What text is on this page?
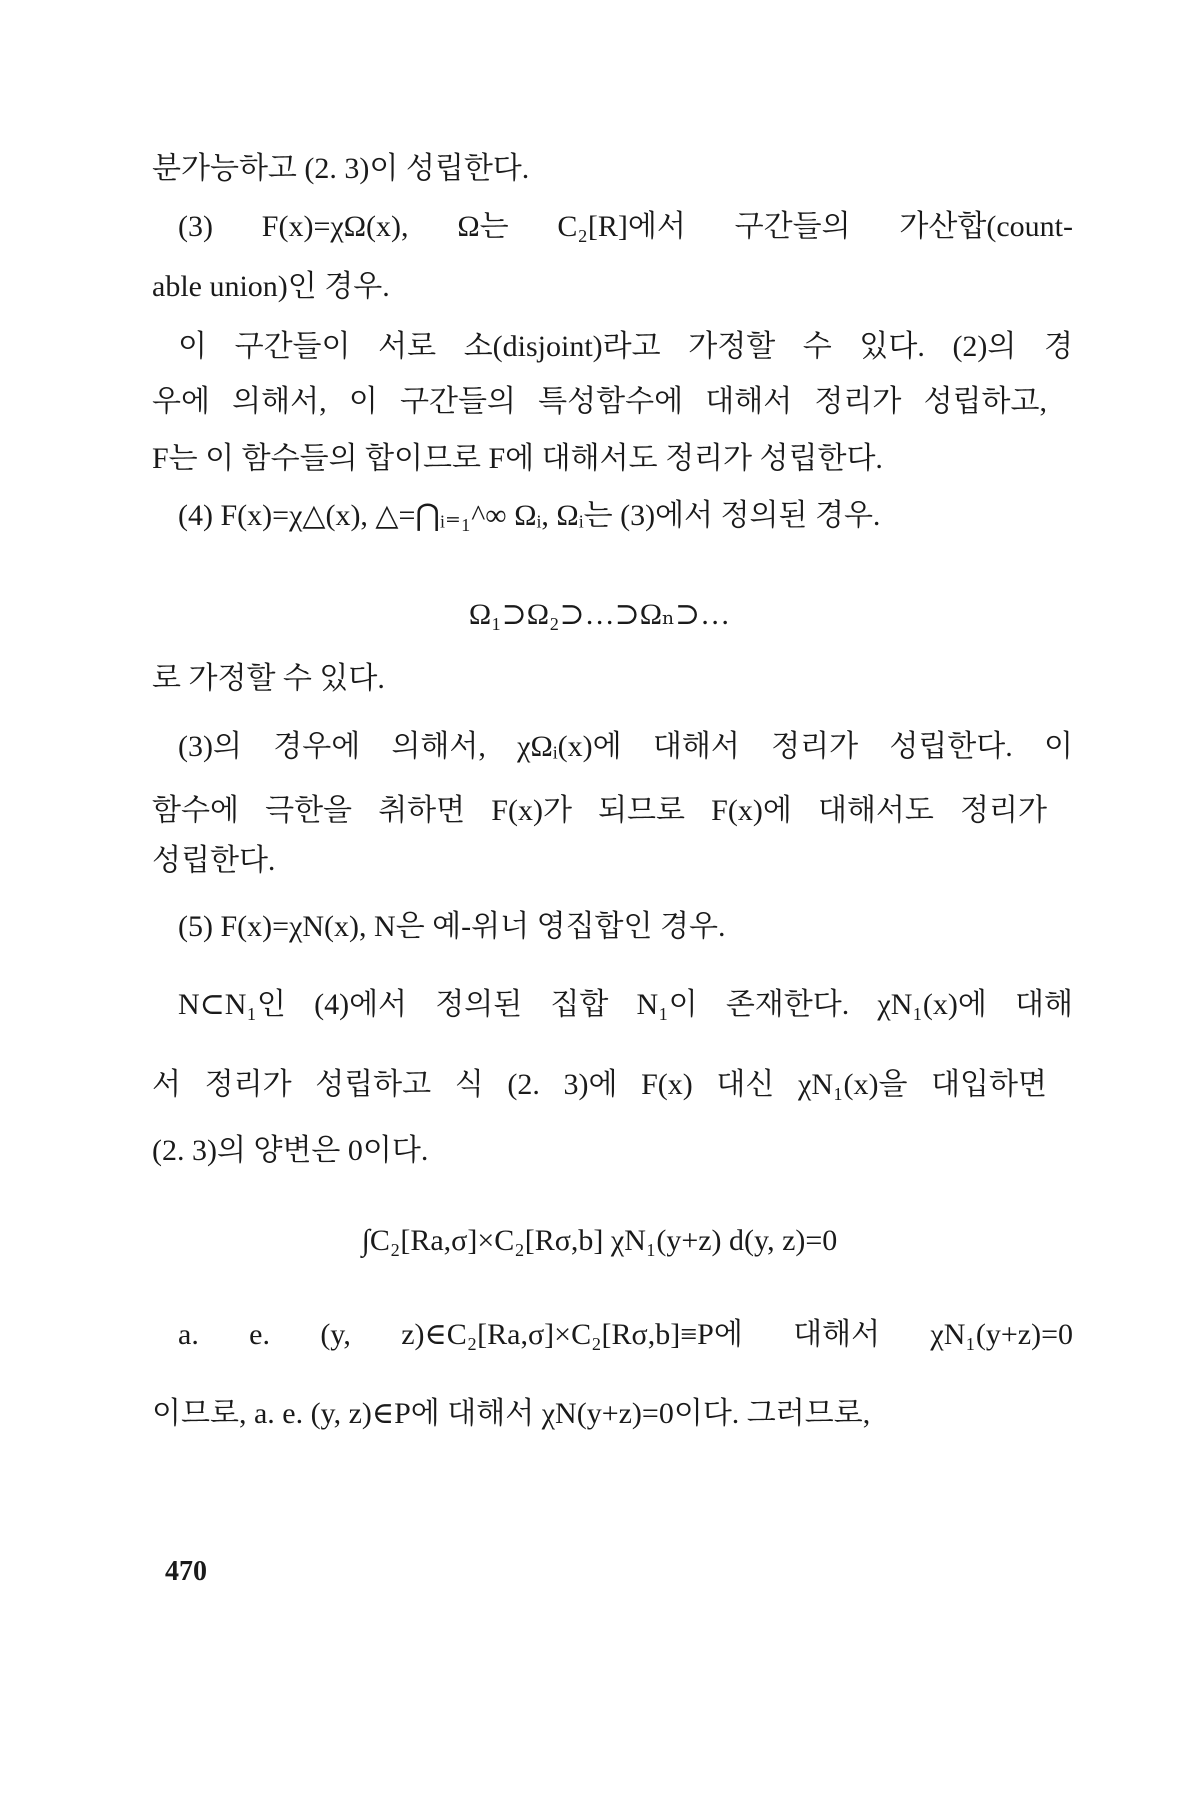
분가능하고 (2. 3)이 성립한다.
(3) F(x)=χΩ(x), Ω는 C₂[R]에서 구간들의 가산합(count-
able union)인 경우.
이 구간들이 서로 소(disjoint)라고 가정할 수 있다. (2)의 경
우에 의해서, 이 구간들의 특성함수에 대해서 정리가 성립하고,
F는 이 함수들의 합이므로 F에 대해서도 정리가 성립한다.
(4) F(x)=χ△(x), △=⋂ᵢ₌₁^∞ Ωᵢ, Ωᵢ는 (3)에서 정의된 경우.
Ω₁⊃Ω₂⊃…⊃Ωₙ⊃…
로 가정할 수 있다.
(3)의 경우에 의해서, χΩᵢ(x)에 대해서 정리가 성립한다. 이
함수에 극한을 취하면 F(x)가 되므로 F(x)에 대해서도 정리가
성립한다.
(5) F(x)=χN(x), N은 예-위너 영집합인 경우.
N⊂N₁인 (4)에서 정의된 집합 N₁이 존재한다. χN₁(x)에 대해
서 정리가 성립하고 식 (2. 3)에 F(x) 대신 χN₁(x)을 대입하면
(2. 3)의 양변은 0이다.
∫C₂[Ra,σ]×C₂[Rσ,b] χN₁(y+z) d(y, z)=0
a. e. (y, z)∈C₂[Ra,σ]×C₂[Rσ,b]≡P에 대해서 χN₁(y+z)=0
이므로, a. e. (y, z)∈P에 대해서 χN(y+z)=0이다. 그러므로,
470
